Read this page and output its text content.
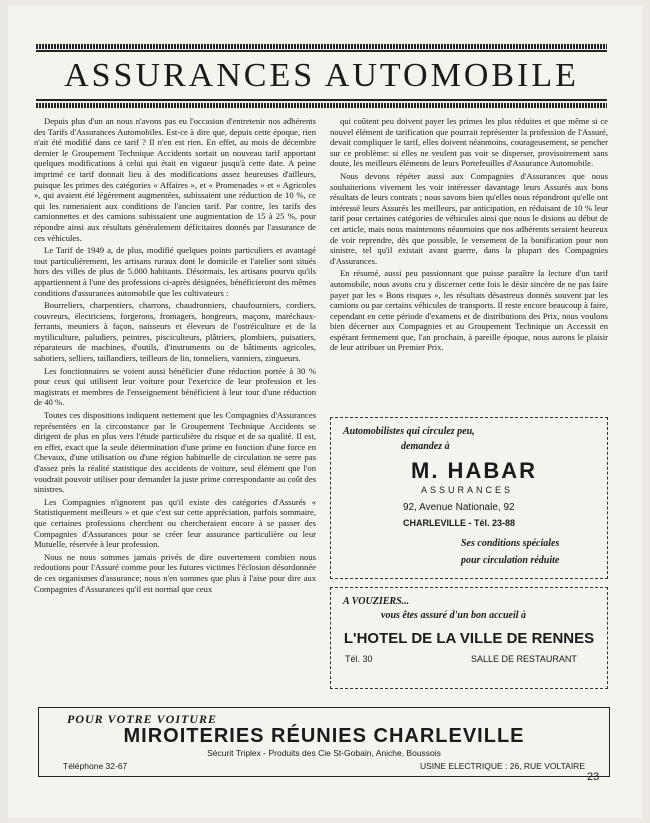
ASSURANCES AUTOMOBILE

Depuis plus d'un an nous n'avons pas eu l'occasion d'entretenir nos adhérents des Tarifs d'Assurances Automobiles. Est-ce à dire que, depuis cette époque, rien n'ait été modifié dans ce tarif ? Il n'en est rien. En effet, au mois de décembre dernier le Groupement Technique Accidents sortait un nouveau tarif apportant quelques modifications à celui qui était en vigueur jusqu'à cette date. A peine imprimé ce tarif donnait lieu à des modifications assez heureuses d'ailleurs, puisque les primes des catégories « Affaires », et « Promenades » et « Agricoles », qui avaient été légèrement augmentées, subissaient une réduction de 10 %, ce qui les ramenaient aux conditions de l'ancien tarif. Par contre, les tarifs des camionnettes et des camions subissaient une augmentation de 15 à 25 %, pour répondre ainsi aux résultats généralement déficitaires donnés par l'assurance de ces véhicules.

Le Tarif de 1949 a, de plus, modifié quelques points particuliers et avantagé tout particulièrement, les artisans ruraux dont le domicile et l'atelier sont situés hors des villes de plus de 5.000 habitants. Désormais, les artisans pourvu qu'ils appartiennent à l'une des professions ci-après désignées, bénéficieront des mêmes conditions d'assurances automobile que les cultivateurs :

Bourreliers, charpentiers, charrons, chaudronniers, chaufourniers, cordiers, couvreurs, électriciens, forgerons, fromagers, hongreurs, maçons, maréchaux-ferrants, meuniers à façon, naisseurs et éleveurs de l'ostréiculture et de la mytiliculture, paludiers, peintres, pisciculteurs, plâtriers, plombiers, puisatiers, réparateurs de machines, d'outils, d'instruments ou de bâtiments agricoles, sabotiers, selliers, taillandiers, teilleurs de lin, tonneliers, vanniers, zingueurs.

Les fonctionnaires se voient aussi bénéficier d'une réduction portée à 30 % pour ceux qui utilisent leur voiture pour l'exercice de leur profession et les magistrats et membres de l'enseignement bénéficient à leur tour d'une réduction de 40 %.

Toutes ces dispositions indiquent nettement que les Compagnies d'Assurances représentées en la circonstance par le Groupement Technique Accidents se dirigent de plus en plus vers l'étude particulière du risque et de sa qualité. Il est, en effet, exact que la seule détermination d'une prime en fonction d'une force en Chevaux, d'une utilisation ou d'une région habituelle de circulation ne serre pas d'assez près la réalité statistique des accidents de voiture, seul élément que l'on voudrait pouvoir utiliser pour demander la juste prime correspondante au coût des sinistres.

Les Compagnies n'ignorent pas qu'il existe des catégories d'Assurés « Statistiquement meilleurs » et que c'est sur cette appréciation, parfois sommaire, que certaines professions cherchent ou chercheraient encore à se passer des Compagnies d'Assurances pour se créer leur assurance particulière ou leur Mutuelle, réservée à leur profession.

Nous ne nous sommes jamais privés de dire ouvertement combien nous redoutions pour l'Assuré comme pour les futures victimes l'éclosion désordonnée de ces organismes d'assurance; nous n'en sommes que plus à l'aise pour dire aux Compagnies d'Assurances qu'il est normal que ceux

qui coûtent peu doivent payer les primes les plus réduites et que même si ce nouvel élément de tarification que pourrait représenter la profession de l'Assuré, devait compliquer le tarif, elles doivent néanmoins, courageusement, se pencher sur ce problème: si elles ne veulent pas voir se disperser, provisoirement sans doute, les meilleurs éléments de leurs Portefeuilles d'Assurance Automobile.

Nous devons répéter aussi aux Compagnies d'Assurances que nous souhaiterions vivement les voir intéresser davantage leurs Assurés aux bons résultats de leurs contrats ; nous savons bien qu'elles nous répondront qu'elle ont intéressé leurs Assurés les meilleurs, par anticipation, en réduisant de 10 % leur tarif pour certaines catégories de véhicules ainsi que nous le disions au début de cet article, mais nous maintenons néanmoins que nos adhérents seraient heureux de voir reprendre, dès que possible, le versement de la bonification pour non sinistre, tel qu'il existait avant guerre, dans la plupart des Compagnies d'Assurances.

En résumé, aussi peu passionnant que puisse paraître la lecture d'un tarif automobile, nous avons cru y discerner cette fois le désir sincère de ne pas faire payer par les « Bons risques », les résultats désastreux donnés souvent par les camions ou par certains véhicules de transports. Il reste encore beaucoup à faire, cependant en cette période d'examens et de distributions des Prix, nous voulons bien décerner aux Compagnies et au Groupement Technique un Accessit en espérant fermement que, l'an prochain, à pareille époque, nous aurons le plaisir de leur attribuer un Premier Prix.

Automobilistes qui circulez peu,
demandez à
M. HABAR
ASSURANCES
92, Avenue Nationale, 92
CHARLEVILLE - Tél. 23-88
Ses conditions spéciales
pour circulation réduite
A VOUZIERS...
vous êtes assuré d'un bon accueil à
L'HOTEL DE LA VILLE DE RENNES
Tél. 30	SALLE DE RESTAURANT
POUR VOTRE VOITURE
MIROITERIES RÉUNIES CHARLEVILLE
Sécurit Triplex - Produits des Cie St-Gobain, Aniche, Boussois
Téléphone 32-67	USINE ELECTRIQUE : 26, RUE VOLTAIRE
23
